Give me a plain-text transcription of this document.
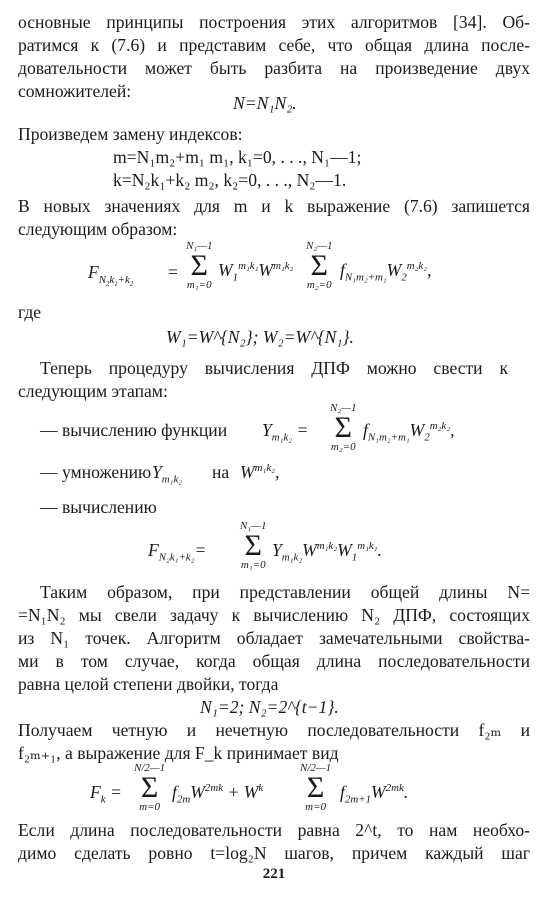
основные принципы построения этих алгоритмов [34]. Об-
ратимся к (7.6) и представим себе, что общая длина после-
довательности может быть разбита на произведение двух
сомножителей:
N=N₁N₂.
Произведем замену индексов:
m=N₁m₂+m₁ m₁, k₁=0, . . ., N₁—1;
k=N₂k₁+k₂ m₂, k₂=0, . . ., N₂—1.
В новых значениях для m и k выражение (7.6) запишется
следующим образом:
$F_{N_2k_1+k_2}$
=
N₁—1
Σ
m₁=0
$W_1^{m_1k_1}W^{m_1k_2}$
N₂—1
Σ
m₂=0
$f_{N_1m_2+m_1}W_2^{m_2k_2}$,
где
W₁=W^{N₂}; W₂=W^{N₁}.
Теперь процедуру вычисления ДПФ можно свести к
следующим этапам:
— вычислению функции $Y_{m_1k_2}$ =
N₂—1
Σ
m₂=0
$f_{N_1m_2+m_1}W_2^{m_2k_2}$,
— умножению $Y_{m_1k_2}$ на $W^{m_1k_2}$,
— вычислению
$F_{N_2k_1+k_2}=$
N₁—1
Σ
m₁=0
$Y_{m_1k_2}W^{m_1k_2}W_1^{m_1k_1}$.
Таким образом, при представлении общей длины N=
=N₁N₂ мы свели задачу к вычислению N₂ ДПФ, состоящих
из N₁ точек. Алгоритм обладает замечательными свойства-
ми в том случае, когда общая длина последовательности
равна целой степени двойки, тогда
N₁=2; N₂=2^{t−1}.
Получаем четную и нечетную последовательности f₂ₘ и
f₂ₘ₊₁, а выражение для F_k принимает вид
$F_k$ =
N/2—1
Σ
m=0
$f_{2m}W^{2mk} + W^k$
N/2—1
Σ
m=0
$f_{2m+1}W^{2mk}$.
Если длина последовательности равна 2^t, то нам необхо-
димо сделать ровно t=log₂N шагов, причем каждый шаг
221
